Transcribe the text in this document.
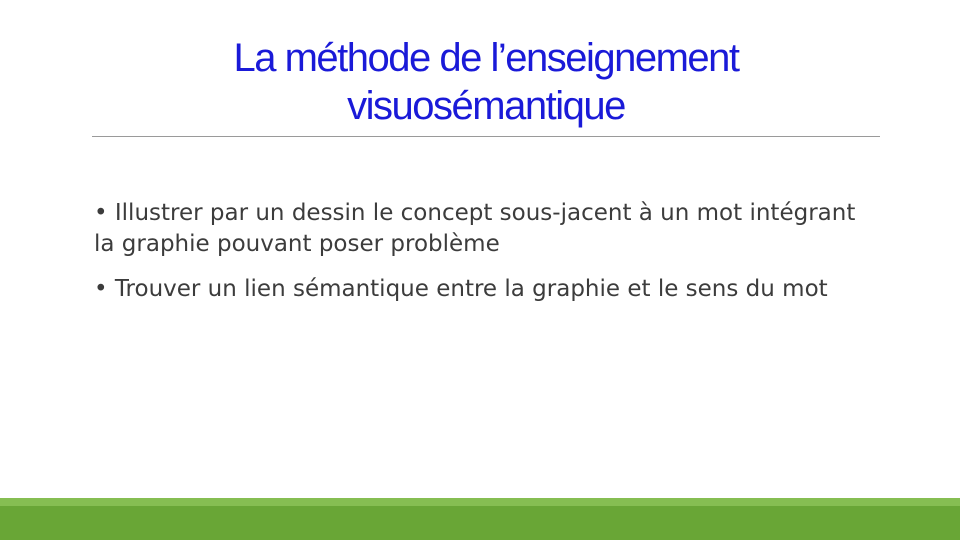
La méthode de l’enseignement
visuosémantique

• Illustrer par un dessin le concept sous-jacent à un mot intégrant la graphie pouvant poser problème

• Trouver un lien sémantique entre la graphie et le sens du mot
